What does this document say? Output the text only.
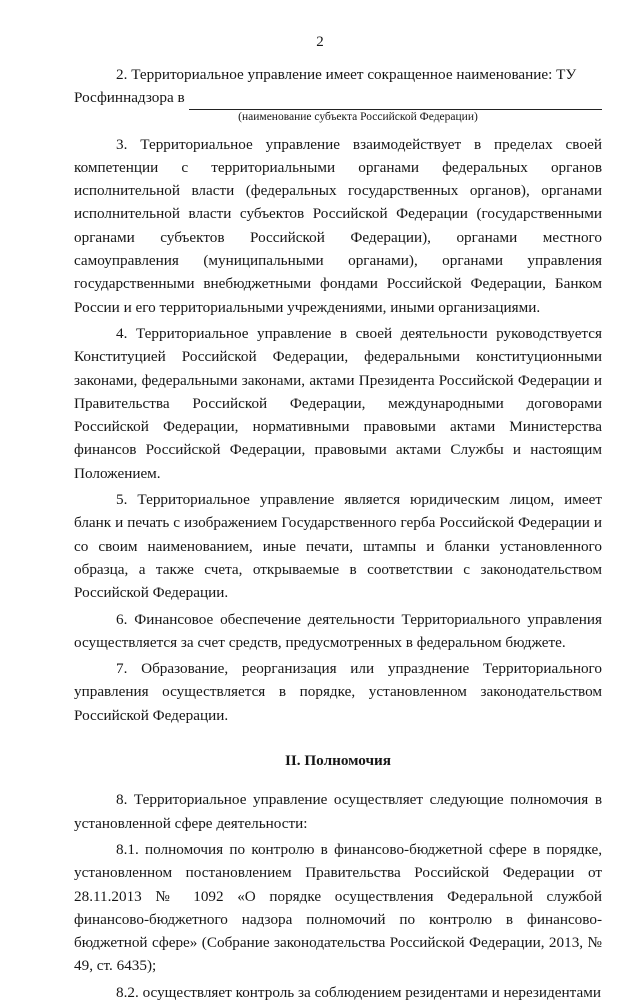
2

2. Территориальное управление имеет сокращенное наименование: ТУ

Росфиннадзора в

(наименование субъекта Российской Федерации)

3. Территориальное управление взаимодействует в пределах своей компетенции с территориальными органами федеральных органов исполнительной власти (федеральных государственных органов), органами исполнительной власти субъектов Российской Федерации (государственными органами субъектов Российской Федерации), органами местного самоуправления (муниципальными органами), органами управления государственными внебюджетными фондами Российской Федерации, Банком России и его территориальными учреждениями, иными организациями.

4. Территориальное управление в своей деятельности руководствуется Конституцией Российской Федерации, федеральными конституционными законами, федеральными законами, актами Президента Российской Федерации и Правительства Российской Федерации, международными договорами Российской Федерации, нормативными правовыми актами Министерства финансов Российской Федерации, правовыми актами Службы и настоящим Положением.

5. Территориальное управление является юридическим лицом, имеет бланк и печать с изображением Государственного герба Российской Федерации и со своим наименованием, иные печати, штампы и бланки установленного образца, а также счета, открываемые в соответствии с законодательством Российской Федерации.

6. Финансовое обеспечение деятельности Территориального управления осуществляется за счет средств, предусмотренных в федеральном бюджете.

7. Образование, реорганизация или упразднение Территориального управления осуществляется в порядке, установленном законодательством Российской Федерации.

II. Полномочия

8. Территориальное управление осуществляет следующие полномочия в установленной сфере деятельности:

8.1. полномочия по контролю в финансово-бюджетной сфере в порядке, установленном постановлением Правительства Российской Федерации от 28.11.2013 № 1092 «О порядке осуществления Федеральной службой финансово-бюджетного надзора полномочий по контролю в финансово-бюджетной сфере» (Собрание законодательства Российской Федерации, 2013, № 49, ст. 6435);

8.2. осуществляет контроль за соблюдением резидентами и нерезидентами
